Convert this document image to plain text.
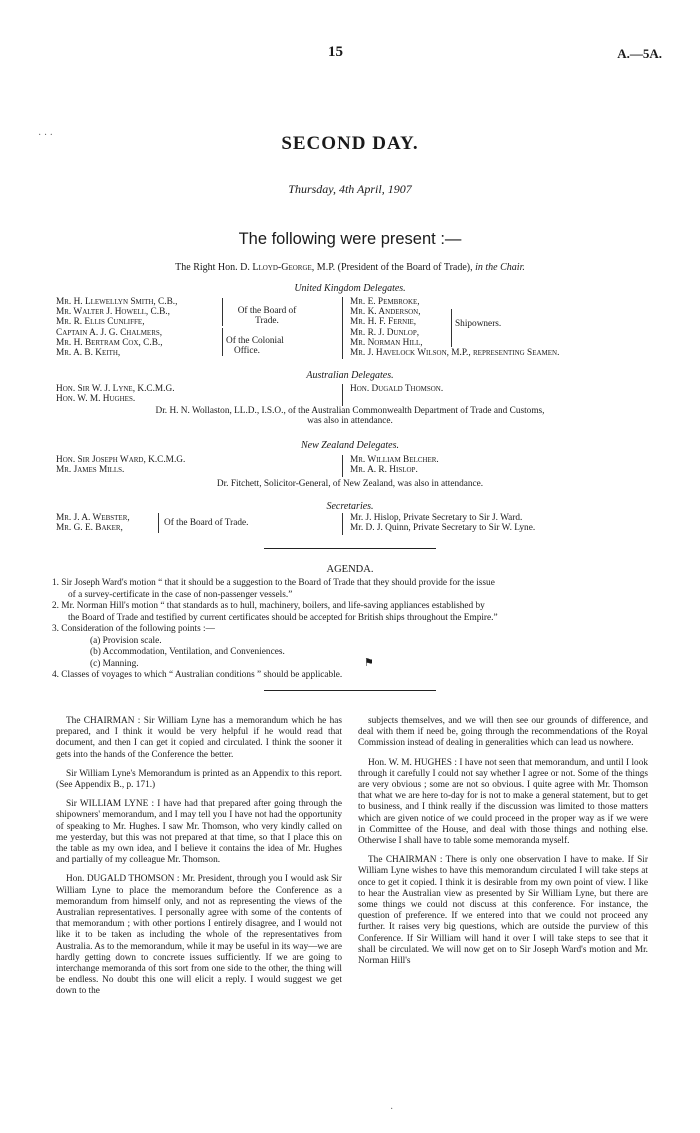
· · ·
15	A.—5A.
SECOND DAY.
Thursday, 4th April, 1907
The following were present :—
The Right Hon. D. Lloyd-George, M.P. (President of the Board of Trade), in the Chair.
United Kingdom Delegates.
Mr. H. Llewellyn Smith, C.B.,
Mr. Walter J. Howell, C.B.,
Mr. R. Ellis Cunliffe,
Captain A. J. G. Chalmers,
Mr. H. Bertram Cox, C.B.,
Mr. A. B. Keith,
Of the Board of
Trade.
Of the Colonial
Office.
Mr. E. Pembroke,
Mr. K. Anderson,
Mr. H. F. Fernie,
Mr. R. J. Dunlop,
Mr. Norman Hill,
Mr. J. Havelock Wilson, M.P., representing Seamen.
Shipowners.
Australian Delegates.
Hon. Sir W. J. Lyne, K.C.M.G.
Hon. W. M. Hughes.
Hon. Dugald Thomson.
Dr. H. N. Wollaston, LL.D., I.S.O., of the Australian Commonwealth Department of Trade and Customs,
was also in attendance.
New Zealand Delegates.
Hon. Sir Joseph Ward, K.C.M.G.
Mr. James Mills.
Mr. William Belcher.
Mr. A. R. Hislop.
Dr. Fitchett, Solicitor-General, of New Zealand, was also in attendance.
Secretaries.
Mr. J. A. Webster,
Mr. G. E. Baker,
Of the Board of Trade.	Mr. J. Hislop, Private Secretary to Sir J. Ward.
Mr. D. J. Quinn, Private Secretary to Sir W. Lyne.
AGENDA.
1. Sir Joseph Ward's motion “ that it should be a suggestion to the Board of Trade that they should provide for the issue
of a survey-certificate in the case of non-passenger vessels.”
2. Mr. Norman Hill's motion “ that standards as to hull, machinery, boilers, and life-saving appliances established by
the Board of Trade and testified by current certificates should be accepted for British ships throughout the Empire.”
3. Consideration of the following points :—
(a) Provision scale.
(b) Accommodation, Ventilation, and Conveniences.
(c) Manning.
4. Classes of voyages to which “ Australian conditions ” should be applicable.
⚑

The CHAIRMAN : Sir William Lyne has a memorandum which he has prepared, and I think it would be very helpful if he would read that document, and then I can get it copied and circulated. I think the sooner it gets into the hands of the Conference the better.

Sir William Lyne's Memorandum is printed as an Appendix to this report. (See Appendix B., p. 171.)

Sir WILLIAM LYNE : I have had that prepared after going through the shipowners' memorandum, and I may tell you I have not had the opportunity of speaking to Mr. Hughes. I saw Mr. Thomson, who very kindly called on me yesterday, but this was not prepared at that time, so that I place this on the table as my own idea, and I believe it contains the idea of Mr. Hughes and partially of my colleague Mr. Thomson.

Hon. DUGALD THOMSON : Mr. President, through you I would ask Sir William Lyne to place the memorandum before the Conference as a memorandum from himself only, and not as representing the views of the Australian representatives. I personally agree with some of the contents of that memorandum ; with other portions I entirely disagree, and I would not like it to be taken as including the whole of the representatives from Australia. As to the memorandum, while it may be useful in its way—we are hardly getting down to concrete issues sufficiently. If we are going to interchange memoranda of this sort from one side to the other, the thing will be endless. No doubt this one will elicit a reply. I would suggest we get down to the

subjects themselves, and we will then see our grounds of difference, and deal with them if need be, going through the recommendations of the Royal Commission instead of dealing in generalities which can lead us nowhere.

Hon. W. M. HUGHES : I have not seen that memorandum, and until I look through it carefully I could not say whether I agree or not. Some of the things are very obvious ; some are not so obvious. I quite agree with Mr. Thomson that what we are here to-day for is not to make a general statement, but to get to business, and I think really if the discussion was limited to those matters which are given notice of we could proceed in the proper way as if we were in Committee of the House, and deal with those things and nothing else. Otherwise I shall have to table some memoranda myself.

The CHAIRMAN : There is only one observation I have to make. If Sir William Lyne wishes to have this memorandum circulated I will take steps at once to get it copied. I think it is desirable from my own point of view. I like to hear the Australian view as presented by Sir William Lyne, but there are some things we could not discuss at this conference. For instance, the question of preference. If we entered into that we could not proceed any further. It raises very big questions, which are outside the purview of this Conference. If Sir William will hand it over I will take steps to see that it shall be circulated. We will now get on to Sir Joseph Ward's motion and Mr. Norman Hill's

·
